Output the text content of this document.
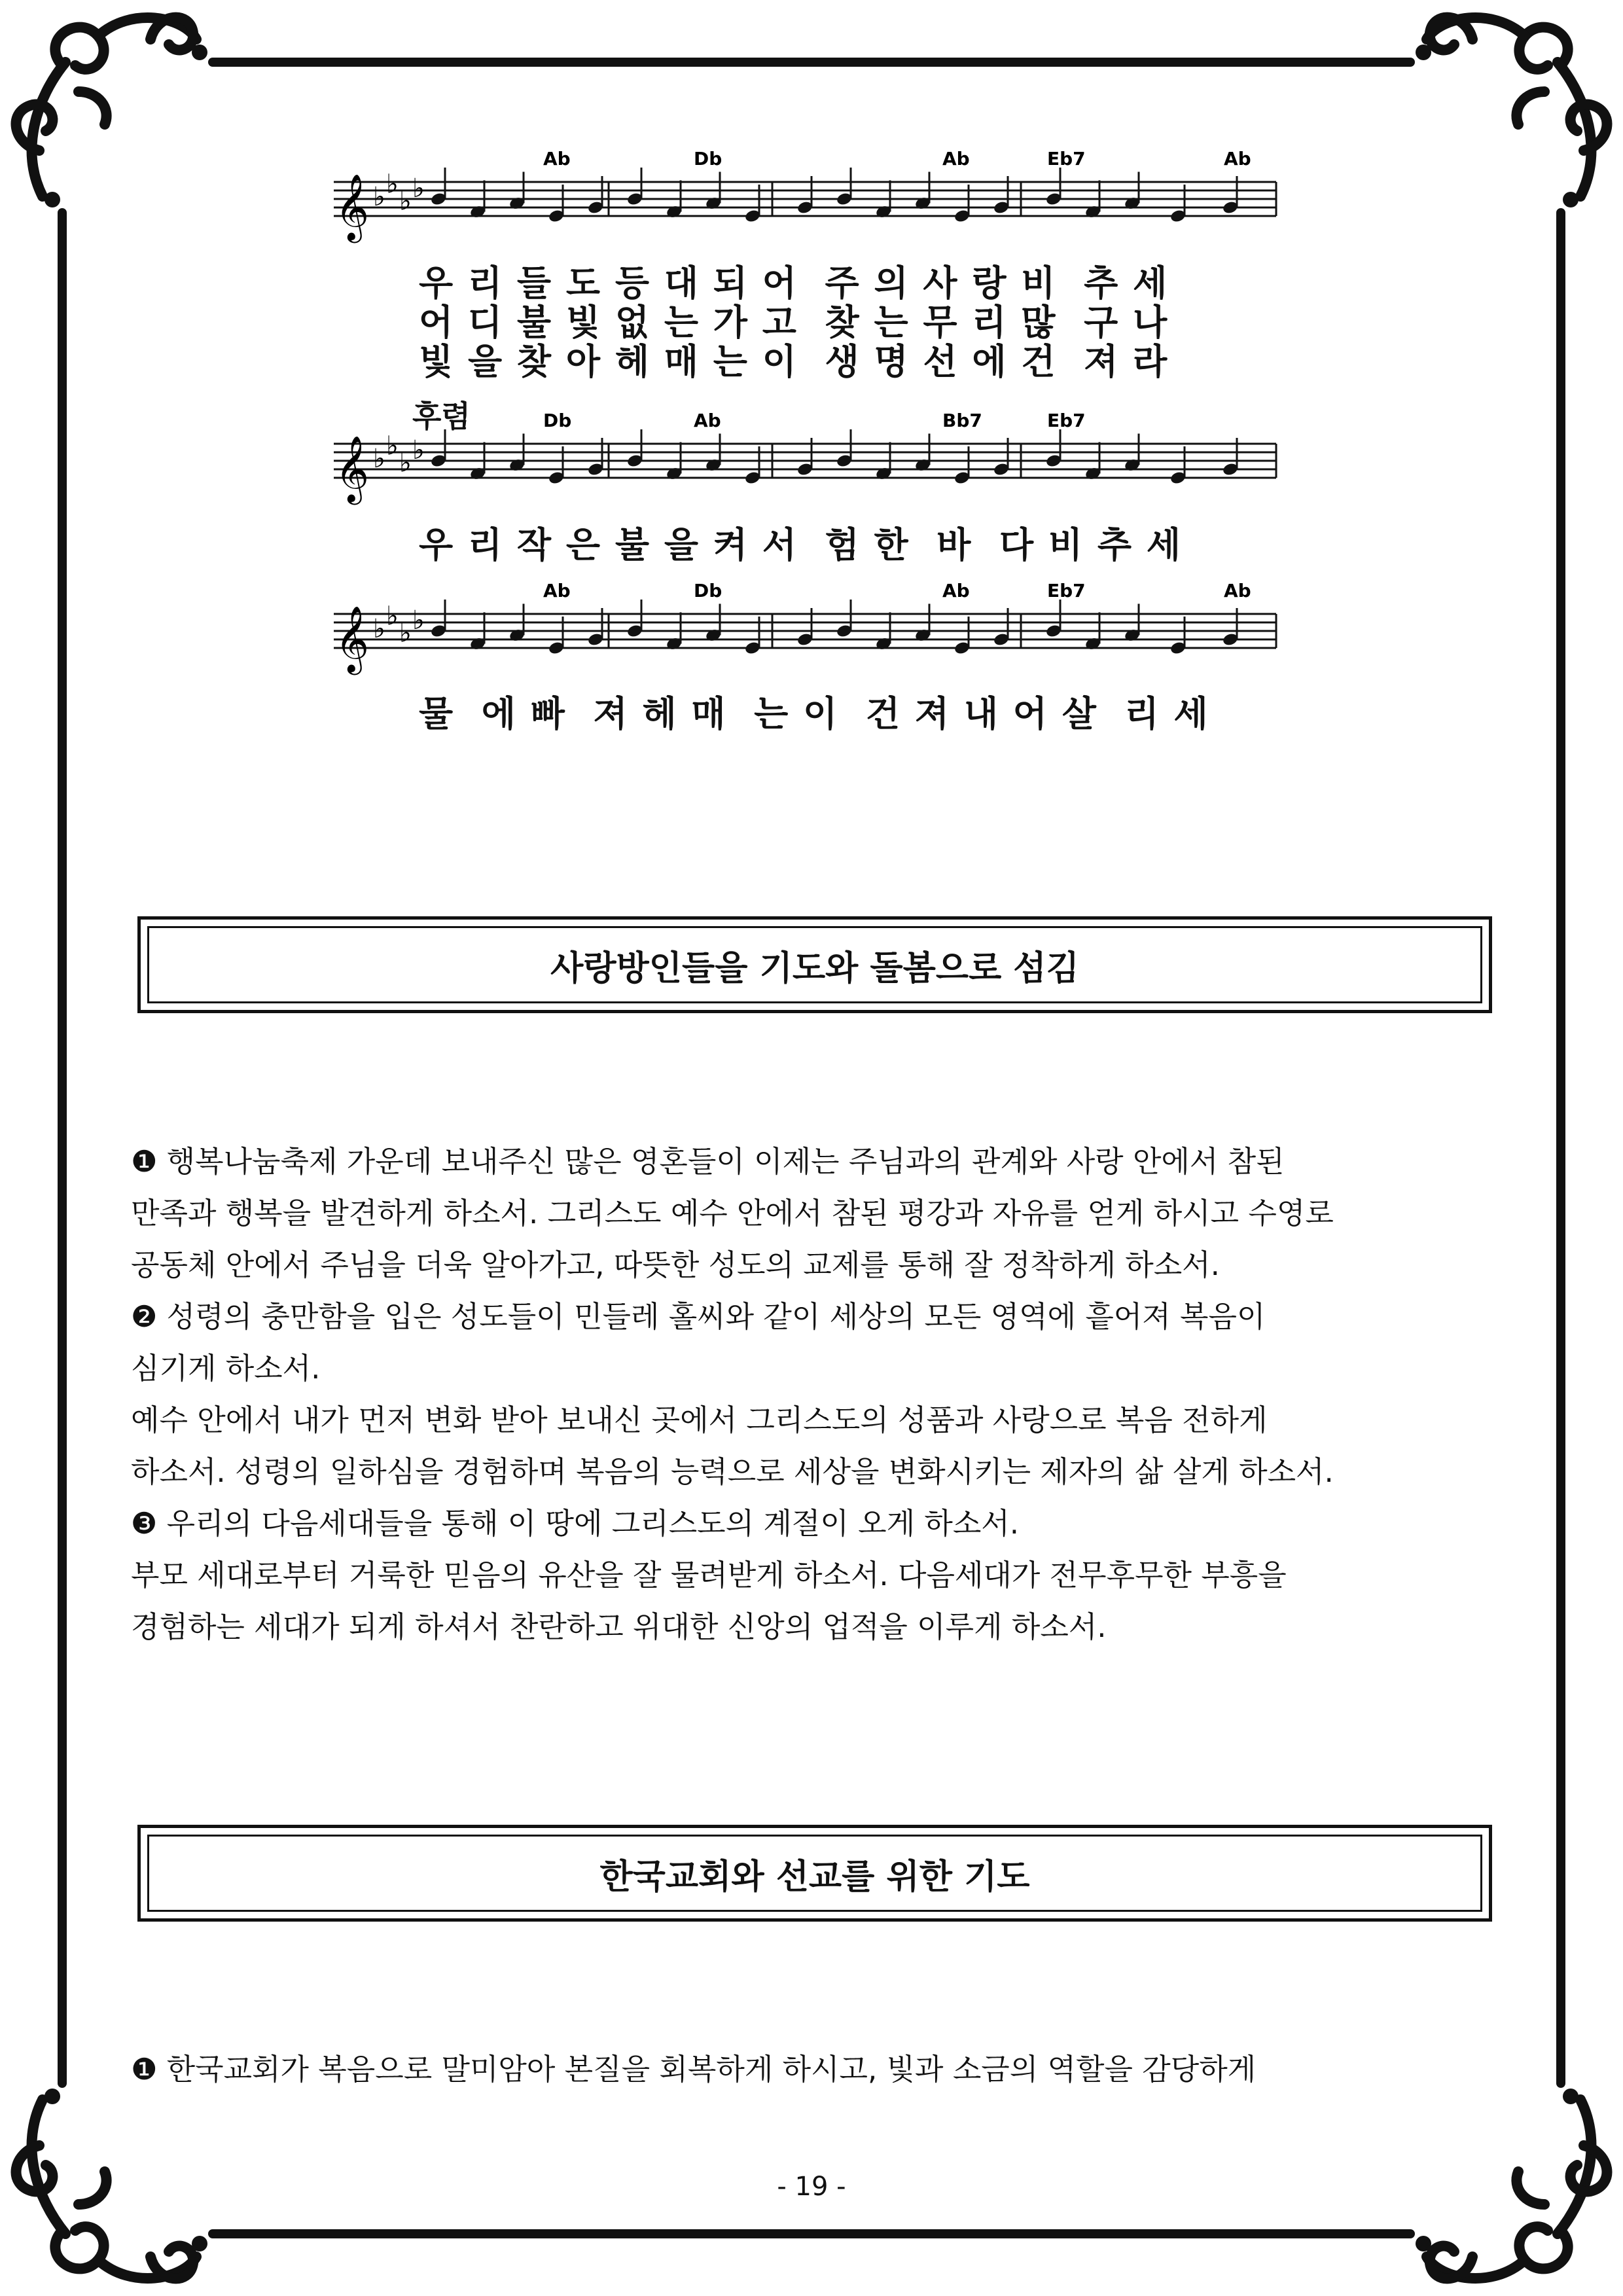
𝄞 ♭ ♭
♭ ♭
Ab	Db	Ab	Eb7	Ab
우 리 들 도 등 대 되 어  주 의 사 랑 비  추 세
어 디 불 빛 없 는 가 고  찾 는 무 리 많  구 나
빛 을 찾 아 헤 매 는 이  생 명 선 에 건  져 라
후렴
𝄞 ♭ ♭
♭ ♭
Db	Ab	Bb7	Eb7
우 리 작 은 불 을 켜 서  험 한  바  다 비 추 세
𝄞 ♭ ♭
♭ ♭
Ab	Db	Ab	Eb7	Ab
물  에 빠  져 헤 매  는 이  건 져 내 어 살  리 세
사랑방인들을 기도와 돌봄으로 섬김

❶ 행복나눔축제 가운데 보내주신 많은 영혼들이 이제는 주님과의 관계와 사랑 안에서 참된

만족과 행복을 발견하게 하소서. 그리스도 예수 안에서 참된 평강과 자유를 얻게 하시고 수영로

공동체 안에서 주님을 더욱 알아가고, 따뜻한 성도의 교제를 통해 잘 정착하게 하소서.

❷ 성령의 충만함을 입은 성도들이 민들레 홀씨와 같이 세상의 모든 영역에 흩어져 복음이

심기게 하소서.

예수 안에서 내가 먼저 변화 받아 보내신 곳에서 그리스도의 성품과 사랑으로 복음 전하게

하소서. 성령의 일하심을 경험하며 복음의 능력으로 세상을 변화시키는 제자의 삶 살게 하소서.

❸ 우리의 다음세대들을 통해 이 땅에 그리스도의 계절이 오게 하소서.

부모 세대로부터 거룩한 믿음의 유산을 잘 물려받게 하소서. 다음세대가 전무후무한 부흥을

경험하는 세대가 되게 하셔서 찬란하고 위대한 신앙의 업적을 이루게 하소서.

한국교회와 선교를 위한 기도

❶ 한국교회가 복음으로 말미암아 본질을 회복하게 하시고, 빛과 소금의 역할을 감당하게

- 19 -
